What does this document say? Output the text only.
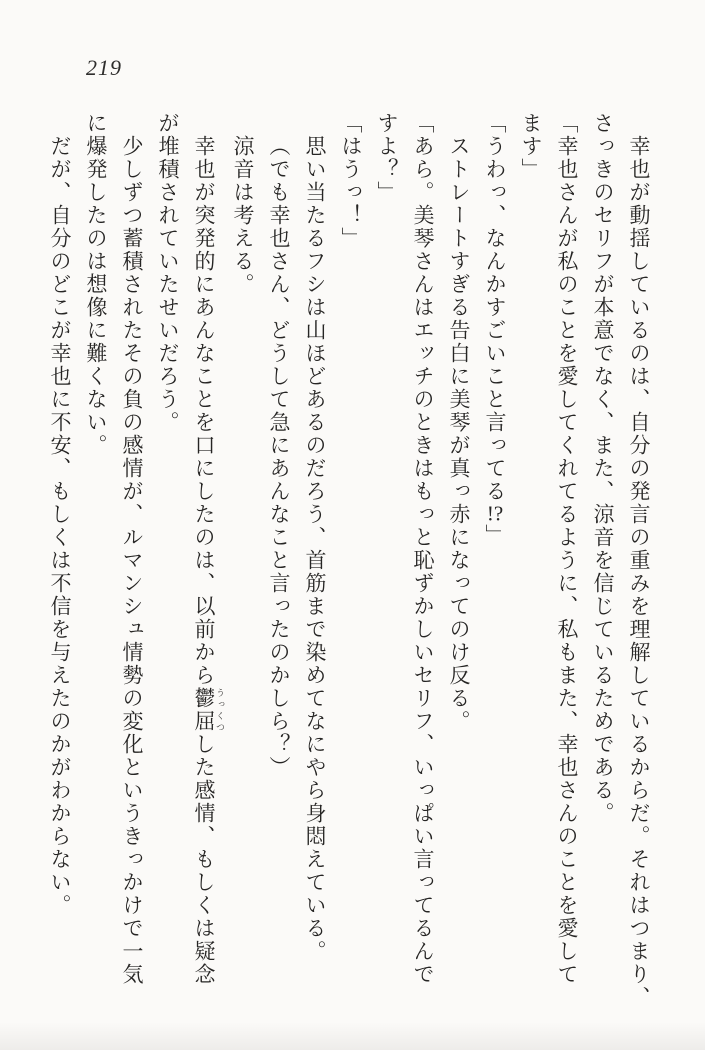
219
幸也が動揺しているのは、自分の発言の重みを理解しているからだ。それはつまり、
さっきのセリフが本意でなく、また、涼音を信じているためである。
「幸也さんが私のことを愛してくれてるように、私もまた、幸也さんのことを愛して
ます」
「うわっ、なんかすごいこと言ってる!?」
ストレートすぎる告白に美琴が真っ赤になってのけ反る。
「あら。美琴さんはエッチのときはもっと恥ずかしいセリフ、いっぱい言ってるんで
すよ？」
「はうっ！」
思い当たるフシは山ほどあるのだろう、首筋まで染めてなにやら身悶えている。
（でも幸也さん、どうして急にあんなこと言ったのかしら？）
涼音は考える。
幸也が突発的にあんなことを口にしたのは、以前から鬱屈 うっくつした感情、もしくは疑念
が堆積されていたせいだろう。
少しずつ蓄積されたその負の感情が、ルマンシュ情勢の変化というきっかけで一気
に爆発したのは想像に難くない。
だが、自分のどこが幸也に不安、もしくは不信を与えたのかがわからない。
